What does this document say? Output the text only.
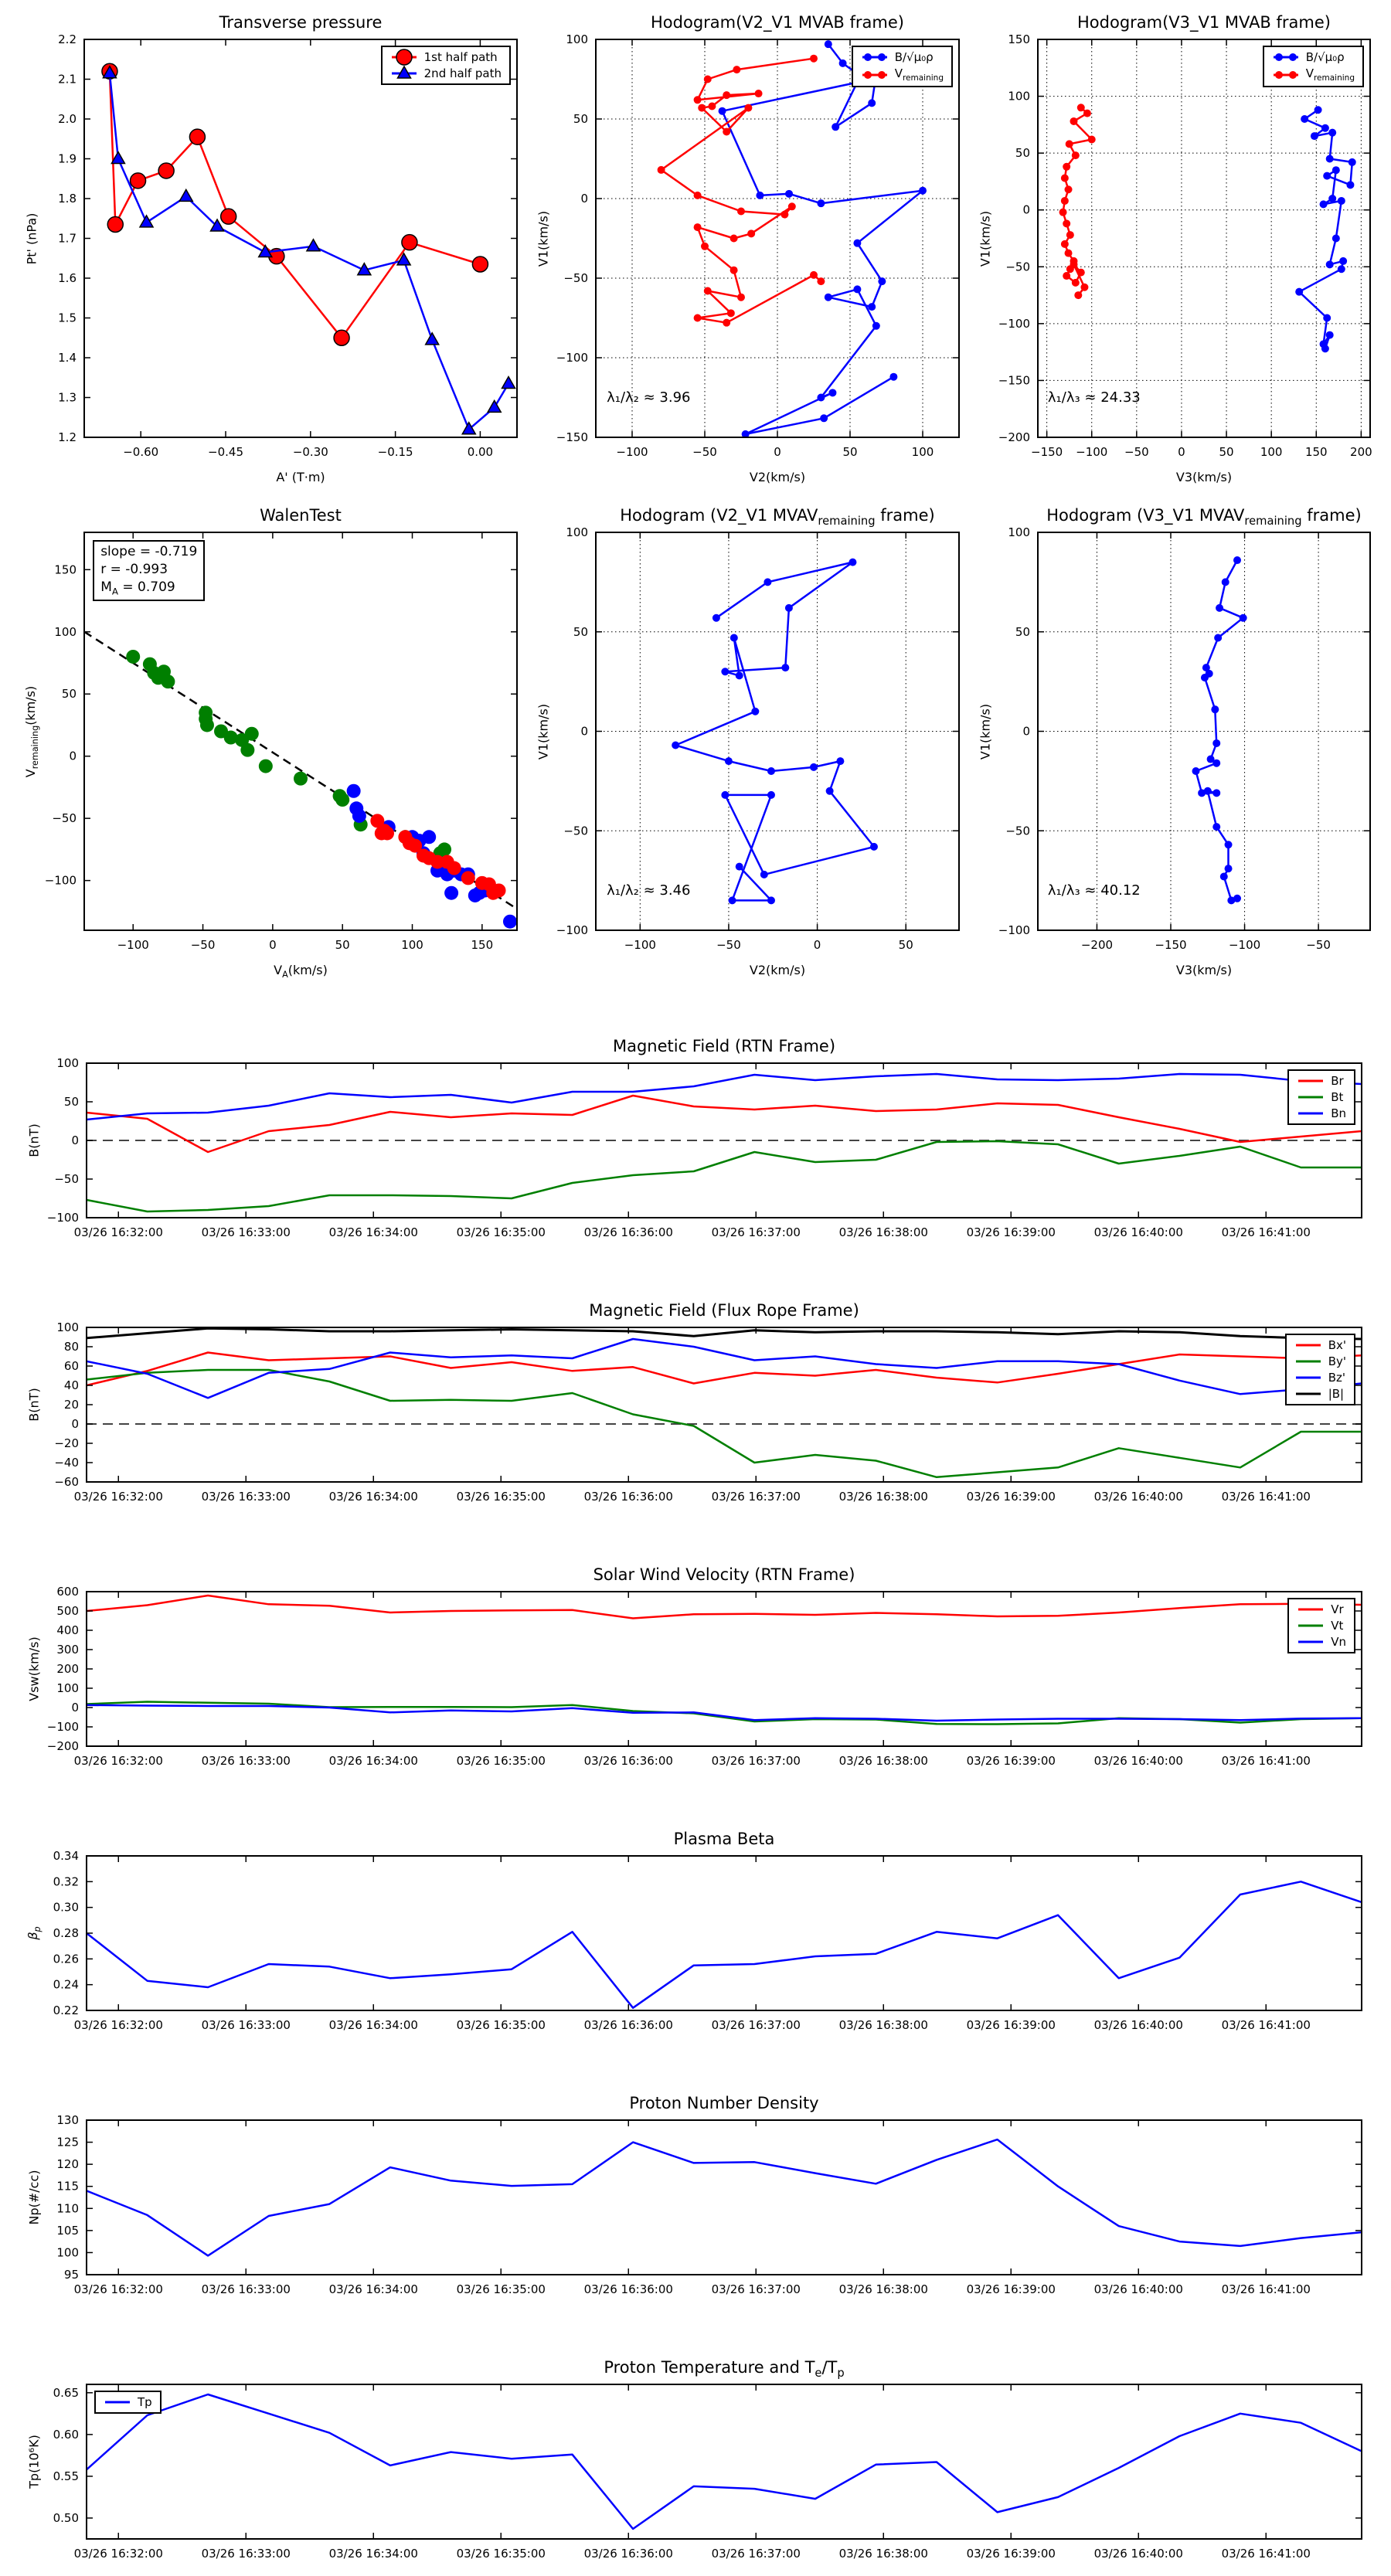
−0.60	−0.45	−0.30	−0.15	0.00
1.2
1.3
1.4
1.5
1.6
1.7
1.8
1.9
2.0
2.1
2.2
Transverse pressure
A' (T·m)
Pt' (nPa)
1st half path
2nd half path
−100	−50	0	50	100
−150
−100
−50
0
50
100
Hodogram(V2_V1 MVAB frame)
V2(km/s)
V1(km/s)
B/√μ₀ρ
$V_{remaining}$
λ₁/λ₂ ≈ 3.96
−150 −100 −50	0	50 100 150 200
−200
−150
−100
−50
0
50
100
150
Hodogram(V3_V1 MVAB frame)
V3(km/s)
V1(km/s)
B/√μ₀ρ
$V_{remaining}$
λ₁/λ₃ ≈ 24.33
−100	−50	0	50	100	150
−100
−50
0
50
100
150
WalenTest
$V_A(km/s)$
$V_{remaining}(km/s)$
slope = -0.719
r = -0.993
$M_A = 0.709$
−100	−50	0	50
−100
−50
0
50
100
Hodogram (V2_V1 $MVAV_{remaining}$ frame)
V2(km/s)
V1(km/s)
λ₁/λ₂ ≈ 3.46
−200	−150	−100	−50
−100
−50
0
50
100
Hodogram (V3_V1 $MVAV_{remaining}$ frame)
V3(km/s)
V1(km/s)
λ₁/λ₃ ≈ 40.12
03/26 16:32:00	03/26 16:33:00	03/26 16:34:00	03/26 16:35:00	03/26 16:36:00	03/26 16:37:00	03/26 16:38:00	03/26 16:39:00	03/26 16:40:00	03/26 16:41:00
−100
−50
0
50
100
Magnetic Field (RTN Frame)
B(nT)
Br
Bt
Bn
03/26 16:32:00	03/26 16:33:00	03/26 16:34:00	03/26 16:35:00	03/26 16:36:00	03/26 16:37:00	03/26 16:38:00	03/26 16:39:00	03/26 16:40:00	03/26 16:41:00
−60
−40
−20
0
20
40
60
80
100
Magnetic Field (Flux Rope Frame)
B(nT)
Bx'
By'
Bz'
|B|
03/26 16:32:00	03/26 16:33:00	03/26 16:34:00	03/26 16:35:00	03/26 16:36:00	03/26 16:37:00	03/26 16:38:00	03/26 16:39:00	03/26 16:40:00	03/26 16:41:00
−200
−100
0
100
200
300
400
500
600
Solar Wind Velocity (RTN Frame)
Vsw(km/s)
Vr
Vt
Vn
03/26 16:32:00	03/26 16:33:00	03/26 16:34:00	03/26 16:35:00	03/26 16:36:00	03/26 16:37:00	03/26 16:38:00	03/26 16:39:00	03/26 16:40:00	03/26 16:41:00
0.22
0.24
0.26
0.28
0.30
0.32
0.34
Plasma Beta
$\beta_p$
03/26 16:32:00	03/26 16:33:00	03/26 16:34:00	03/26 16:35:00	03/26 16:36:00	03/26 16:37:00	03/26 16:38:00	03/26 16:39:00	03/26 16:40:00	03/26 16:41:00
95
100
105
110
115
120
125
130
Proton Number Density
Np(#/cc)
03/26 16:32:00	03/26 16:33:00	03/26 16:34:00	03/26 16:35:00	03/26 16:36:00	03/26 16:37:00	03/26 16:38:00	03/26 16:39:00	03/26 16:40:00	03/26 16:41:00
0.50
0.55
0.60
0.65
Proton Temperature and $T_e/T_p$
Tp(10⁶K)
Tp
